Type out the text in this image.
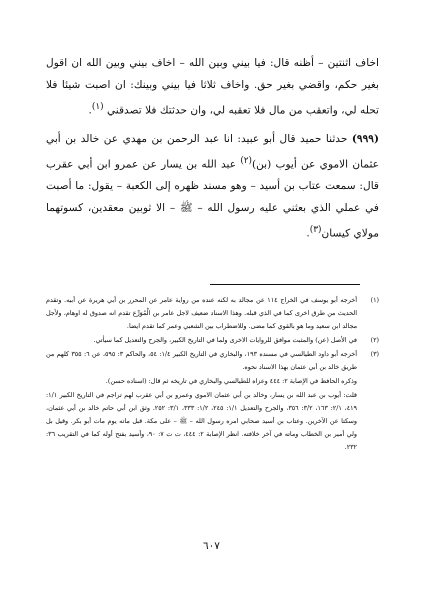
اخاف اثنتين – أظنه قال: فيا بيني وبين الله – اخاف بيني وبين الله ان اقول بغير حكم، واقضي بغير حق. واخاف ثلاثا فيا بيني وبينك: ان اصبت شيئا فلا تحله لي، واتعقب من مال فلا تعقبه لي، وان حدثتك فلا تصدقني $^{(١)}$.

(٩٩٩) حدثنا حميد قال أبو عبيد: انا عبد الرحمن بن مهدي عن خالد بن أبي عثمان الاموي عن أيوب (بن)$^{(٢)}$ عبد الله بن يسار عن عمرو ابن أبي عقرب قال: سمعت عتاب بن أسيد – وهو مسند ظهره إلى الكعبة – يقول: ما أصبت في عملي الذي بعثني عليه رسول الله – ﷺ – الا ثوبين معقدين، كسوتهما مولاي كيسان$^{(٣)}$.

(١)
أخرجه أبو يوسف في الخراج ١١٤ عن مجالد به لكنه عنده من رواية عامر عن المحرر بن أبي هريرة عن أبيه. وتقدم الحديث من طرق اخرى كما في الذي قبله. وهذا الاسناد ضعيف لاجل عامر بن الْمُوَرِّع تقدم انه صدوق له اوهام، ولأجل مجالد ابن سعيد وما هو بالقوي كما مضى. وللاضطراب بين الشعبي وعمر كما تقدم ايضا.
(٢)
في الأصل (عن) والمثبت موافق للروايات الاخرى ولما في التاريخ الكبير، والجرح والتعديل كما سيأتي.
(٣)
أخرجه أبو داود الطيالسي في مسنده ١٩٣، والبخاري في التاريخ الكبير ١/٤: ٥٤، والحاكم ٣: ٥٩٥، عن ٦: ٣٥٥ كلهم من طريق خالد بن أبي عثمان بهذا الاسناد نحوه.
وذكره الحافظ في الإصابة ٢: ٤٤٤ وعزاه للطيالسي والبخاري في تاريخه ثم قال: (اسناده حسن).
قلت: أيوب بن عبد الله بن يسار، وخالد بن أبي عثمان الاموي وعمرو بن أبي عقرب لهم تراجم في التاريخ الكبير ١/١: ٤١٩، ٢/١: ١٦٣، ٣/٢: ٣٥٦، والجرح والتعديل ١/١: ٢٤٥، ١/٢: ٣٣٣، ٣/١: ٢٥٢. وثق ابن أبي حاتم خالد بن أبي عثمان، وسكتا عن الآخرين. وعتاب بن أسيد صحابي امره رسول الله – ﷺ – على مكة. قبل ماته يوم مات أبو بكر. وقيل بل ولي أمير بن الخطاب وماته في آخر خلافته. انظر الإصابة ٢: ٤٤٤، ت ت ٧: ٩٠، وأسيد بفتح أوله كما في التقريب ٣٦: ٢٣٢.
٦٠٧
